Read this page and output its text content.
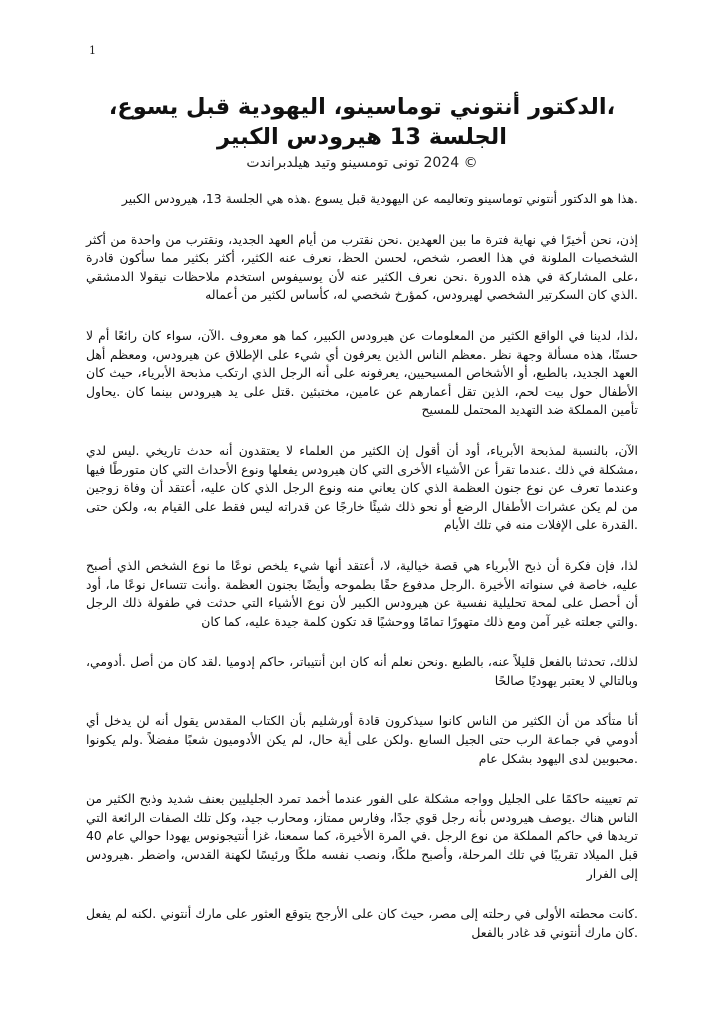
1
،الدكتور أنتوني توماسينو، اليهودية قبل يسوع، الجلسة 13 هيرودس الكبير
© 2024 تونى تومسينو وتيد هيلدبراندت

.هذا هو الدكتور أنتوني توماسينو وتعاليمه عن اليهودية قبل يسوع .هذه هي الجلسة 13، هيرودس الكبير

إذن، نحن أخيرًا في نهاية فترة ما بين العهدين .نحن نقترب من أيام العهد الجديد، ونقترب من واحدة من أكثر الشخصيات الملونة في هذا العصر، شخص، لحسن الحظ، نعرف عنه الكثير، أكثر بكثير مما سأكون قادرة ،على المشاركة في هذه الدورة .نحن نعرف الكثير عنه لأن يوسيفوس استخدم ملاحظات نيقولا الدمشقي .الذي كان السكرتير الشخصي لهيرودس، كمؤرخ شخصي له، كأساس لكثير من أعماله

،لذا، لدينا في الواقع الكثير من المعلومات عن هيرودس الكبير، كما هو معروف .الآن، سواء كان رائعًا أم لا حسنًا، هذه مسألة وجهة نظر .معظم الناس الذين يعرفون أي شيء على الإطلاق عن هيرودس، ومعظم أهل العهد الجديد، بالطبع، أو الأشخاص المسيحيين، يعرفونه على أنه الرجل الذي ارتكب مذبحة الأبرياء، حيث كان الأطفال حول بيت لحم، الذين تقل أعمارهم عن عامين، مختبئين .قتل على يد هيرودس بينما كان .يحاول تأمين المملكة ضد التهديد المحتمل للمسيح

الآن، بالنسبة لمذبحة الأبرياء، أود أن أقول إن الكثير من العلماء لا يعتقدون أنه حدث تاريخي .ليس لدي ،مشكلة في ذلك .عندما تقرأ عن الأشياء الأخرى التي كان هيرودس يفعلها ونوع الأحداث التي كان متورطًا فيها وعندما تعرف عن نوع جنون العظمة الذي كان يعاني منه ونوع الرجل الذي كان عليه، أعتقد أن وفاة زوجين من لم يكن عشرات الأطفال الرضع أو نحو ذلك شيئًا خارجًا عن قدراته ليس فقط على القيام به، ولكن حتى .القدرة على الإفلات منه في تلك الأيام

لذا، فإن فكرة أن ذبح الأبرياء هي قصة خيالية، لا، أعتقد أنها شيء يلخص نوعًا ما نوع الشخص الذي أصبح عليه، خاصة في سنواته الأخيرة .الرجل مدفوع حقًا بطموحه وأيضًا بجنون العظمة .وأنت تتساءل نوعًا ما، أود أن أحصل على لمحة تحليلية نفسية عن هيرودس الكبير لأن نوع الأشياء التي حدثت في طفولة ذلك الرجل .والتي جعلته غير آمن ومع ذلك متهورًا تمامًا ووحشيًا قد تكون كلمة جيدة عليه، كما كان

لذلك، تحدثنا بالفعل قليلاً عنه، بالطبع .ونحن نعلم أنه كان ابن أنتيباتر، حاكم إدوميا .لقد كان من أصل .أدومي، وبالتالي لا يعتبر يهوديًا صالحًا

أنا متأكد من أن الكثير من الناس كانوا سيذكرون قادة أورشليم بأن الكتاب المقدس يقول أنه لن يدخل أي أدومي في جماعة الرب حتى الجيل السابع .ولكن على أية حال، لم يكن الأدوميون شعبًا مفضلاً .ولم يكونوا .محبوبين لدى اليهود بشكل عام

تم تعيينه حاكمًا على الجليل وواجه مشكلة على الفور عندما أخمد تمرد الجليليين بعنف شديد وذبح الكثير من الناس هناك .يوصف هيرودس بأنه رجل قوي جدًا، وفارس ممتاز، ومحارب جيد، وكل تلك الصفات الرائعة التي تريدها في حاكم المملكة من نوع الرجل .في المرة الأخيرة، كما سمعنا، غزا أنتيجونوس يهودا حوالي عام 40 قبل الميلاد تقريبًا في تلك المرحلة، وأصبح ملكًا، ونصب نفسه ملكًا ورئيسًا لكهنة القدس، واضطر .هيرودس إلى الفرار

.كانت محطته الأولى في رحلته إلى مصر، حيث كان على الأرجح يتوقع العثور على مارك أنتوني .لكنه لم يفعل .كان مارك أنتوني قد غادر بالفعل
